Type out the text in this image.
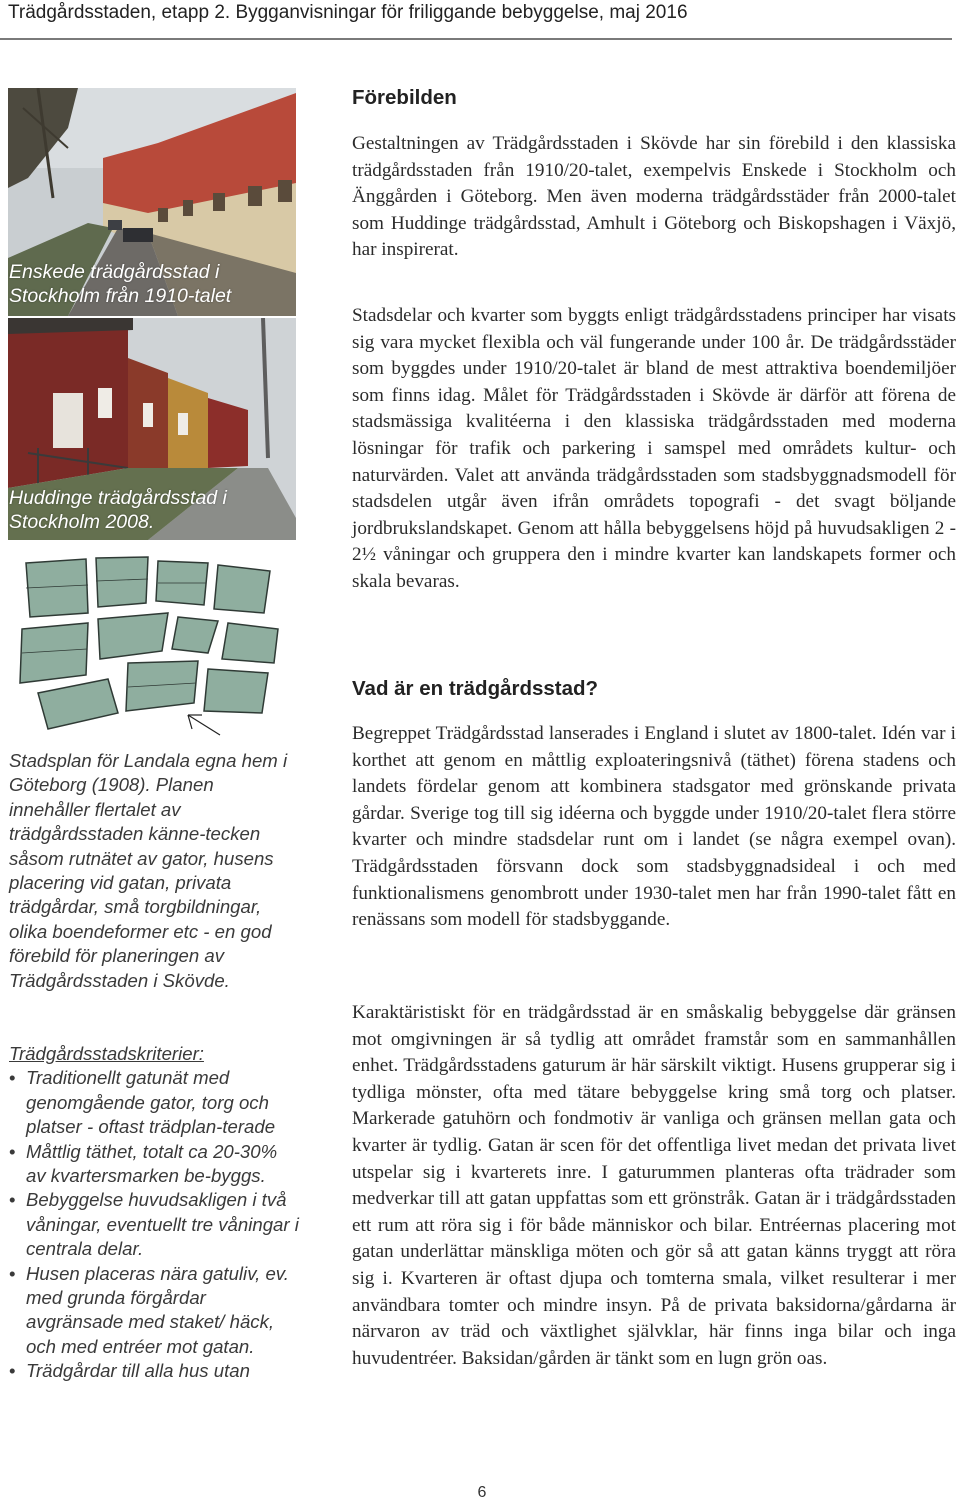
Trädgårdsstaden, etapp 2. Bygganvisningar för friliggande bebyggelse, maj 2016
Enskede trädgårdsstad i Stockholm från 1910-talet
Huddinge trädgårdsstad i Stockholm 2008.
Stadsplan för Landala egna hem i Göteborg (1908). Planen innehåller flertalet av trädgårdsstaden känne-tecken såsom rutnätet av gator, husens placering vid gatan, privata trädgårdar, små torgbildningar, olika boendeformer etc - en god förebild för planeringen av Trädgårdsstaden i Skövde.
Trädgårdsstadskriterier:
• Traditionellt gatunät med genomgående gator, torg och platser - oftast trädplan-terade
• Måttlig täthet, totalt ca 20-30% av kvartersmarken be-byggs.
• Bebyggelse huvudsakligen i två våningar, eventuellt tre våningar i centrala delar.
• Husen placeras nära gatuliv, ev. med grunda förgårdar avgränsade med staket/ häck, och med entréer mot gatan.
• Trädgårdar till alla hus utan
Förebilden
Gestaltningen av Trädgårdsstaden i Skövde har sin förebild i den klassiska trädgårdsstaden från 1910/20-talet, exempelvis Enskede i Stockholm och Änggården i Göteborg. Men även moderna trädgårdsstäder från 2000-talet som Huddinge trädgårdsstad, Amhult i Göteborg och Biskopshagen i Växjö, har inspirerat.
Stadsdelar och kvarter som byggts enligt trädgårdsstadens principer har visats sig vara mycket flexibla och väl fungerande under 100 år. De trädgårdsstäder som byggdes under 1910/20-talet är bland de mest attraktiva boendemiljöer som finns idag. Målet för Trädgårdsstaden i Skövde är därför att förena de stadsmässiga kvalitéerna i den klassiska trädgårdsstaden med moderna lösningar för trafik och parkering i samspel med områdets kultur- och naturvärden. Valet att använda trädgårdsstaden som stadsbyggnadsmodell för stadsdelen utgår även ifrån områdets topografi - det svagt böljande jordbrukslandskapet. Genom att hålla bebyggelsens höjd på huvudsakligen 2 - 2½ våningar och gruppera den i mindre kvarter kan landskapets former och skala bevaras.
Vad är en trädgårdsstad?
Begreppet Trädgårdsstad lanserades i England i slutet av 1800-talet. Idén var i korthet att genom en måttlig exploateringsnivå (täthet) förena stadens och landets fördelar genom att kombinera stadsgator med grönskande privata gårdar. Sverige tog till sig idéerna och byggde under 1910/20-talet flera större kvarter och mindre stadsdelar runt om i landet (se några exempel ovan). Trädgårdsstaden försvann dock som stadsbyggnadsideal i och med funktionalismens genombrott under 1930-talet men har från 1990-talet fått en renässans som modell för stadsbyggande.
Karaktäristiskt för en trädgårdsstad är en småskalig bebyggelse där gränsen mot omgivningen är så tydlig att området framstår som en sammanhållen enhet. Trädgårdsstadens gaturum är här särskilt viktigt. Husens grupperar sig i tydliga mönster, ofta med tätare bebyggelse kring små torg och platser. Markerade gatuhörn och fondmotiv är vanliga och gränsen mellan gata och kvarter är tydlig. Gatan är scen för det offentliga livet medan det privata livet utspelar sig i kvarterets inre. I gaturummen planteras ofta trädrader som medverkar till att gatan uppfattas som ett grönstråk. Gatan är i trädgårdsstaden ett rum att röra sig i för både människor och bilar. Entréernas placering mot gatan underlättar mänskliga möten och gör så att gatan känns tryggt att röra sig i. Kvarteren är oftast djupa och tomterna smala, vilket resulterar i mer användbara tomter och mindre insyn. På de privata baksidorna/gårdarna är närvaron av träd och växtlighet självklar, här finns inga bilar och inga huvudentréer. Baksidan/gården är tänkt som en lugn grön oas.
6
